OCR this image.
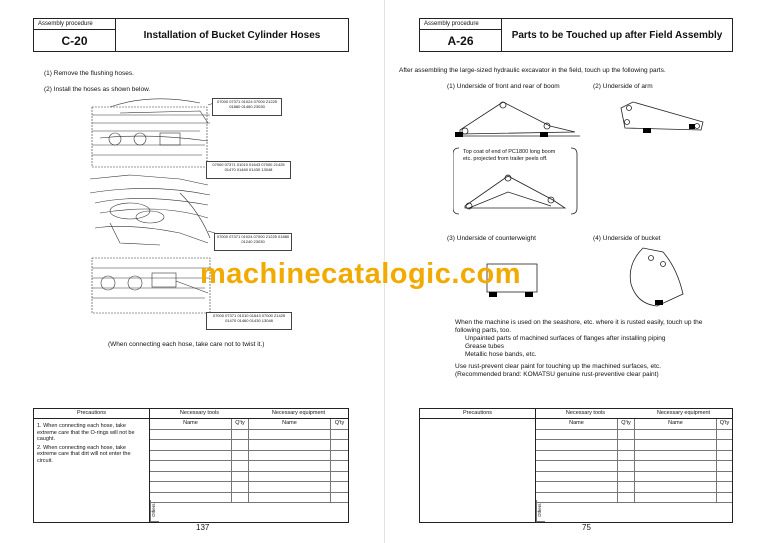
Assembly procedure
C-20	Installation of Bucket Cylinder Hoses
(1) Remove the flushing hoses.
(2) Install the hoses as shown below.
07000 07371 01024 07000 21225 01880 01460 23030
07000 07371 01010 01643 07000 21425 01470 01460 01430 13048
07000 07371 01024 07000 21225 01880 01240 23030
07000 07371 01010 01643 07000 21425 01470 01460 01430 13048
(When connecting each hose, take care not to twist it.)
Precautions

1. When connecting each hose, take extreme care that the O-rings will not be caught.

2. When connecting each hose, take extreme care that dirt will not enter the circuit.

Necessary tools	Necessary equipment
Name	Q'ty	Name	Q'ty
Others
137
Assembly procedure
A-26	Parts to be Touched up after Field Assembly
After assembling the large-sized hydraulic excavator in the field, touch up the following parts.
(1) Underside of front and rear of boom	(2) Underside of arm
Top coat of end of PC1800 long boom
etc. projected from trailer peels off.
(3) Underside of counterweight	(4) Underside of bucket
When the machine is used on the seashore, etc. where it is rusted easily, touch up the
following parts, too.
Unpainted parts of machined surfaces of flanges after installing piping
Grease tubes
Metallic hose bands, etc.
Use rust-prevent clear paint for touching up the machined surfaces, etc.
(Recommended brand: KOMATSU genuine rust-preventive clear paint)
Precautions	Necessary tools	Necessary equipment
Name	Q'ty	Name	Q'ty
Others
75
machinecatalogic.com
